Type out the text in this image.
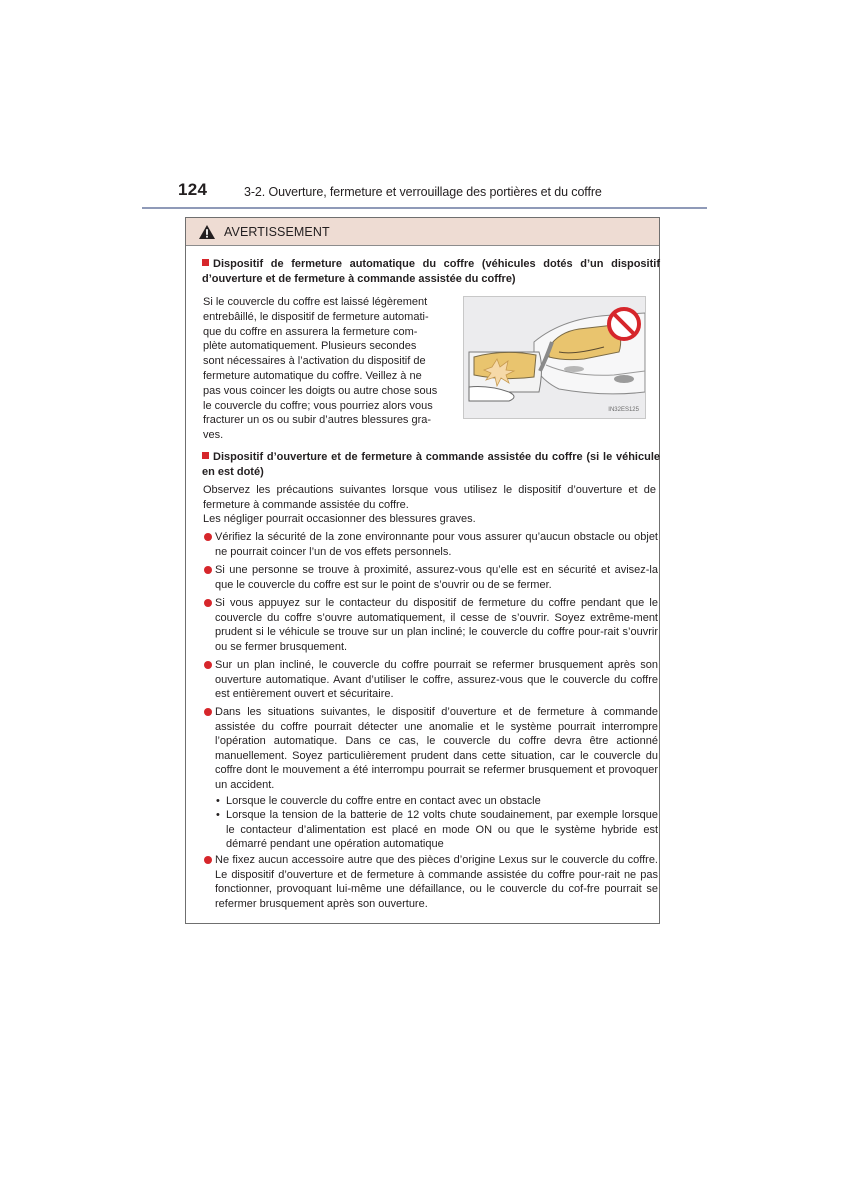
124	3-2. Ouverture, fermeture et verrouillage des portières et du coffre
AVERTISSEMENT
Dispositif de fermeture automatique du coffre (véhicules dotés d’un dispositif d’ouverture et de fermeture à commande assistée du coffre)
Si le couvercle du coffre est laissé légèrement
entrebâillé, le dispositif de fermeture automati-
que du coffre en assurera la fermeture com-
plète automatiquement. Plusieurs secondes
sont nécessaires à l’activation du dispositif de
fermeture automatique du coffre. Veillez à ne
pas vous coincer les doigts ou autre chose sous
le couvercle du coffre; vous pourriez alors vous
fracturer un os ou subir d’autres blessures gra-
ves.
Dispositif d’ouverture et de fermeture à commande assistée du coffre (si le véhicule en est doté)
Observez les précautions suivantes lorsque vous utilisez le dispositif d’ouverture et de fermeture à commande assistée du coffre.
Les négliger pourrait occasionner des blessures graves.
Vérifiez la sécurité de la zone environnante pour vous assurer qu’aucun obstacle ou objet ne pourrait coincer l’un de vos effets personnels.
Si une personne se trouve à proximité, assurez-vous qu’elle est en sécurité et avisez-la que le couvercle du coffre est sur le point de s’ouvrir ou de se fermer.
Si vous appuyez sur le contacteur du dispositif de fermeture du coffre pendant que le couvercle du coffre s’ouvre automatiquement, il cesse de s’ouvrir. Soyez extrême-ment prudent si le véhicule se trouve sur un plan incliné; le couvercle du coffre pour-rait s’ouvrir ou se fermer brusquement.
Sur un plan incliné, le couvercle du coffre pourrait se refermer brusquement après son ouverture automatique. Avant d’utiliser le coffre, assurez-vous que le couvercle du coffre est entièrement ouvert et sécuritaire.
Dans les situations suivantes, le dispositif d’ouverture et de fermeture à commande assistée du coffre pourrait détecter une anomalie et le système pourrait interrompre l’opération automatique. Dans ce cas, le couvercle du coffre devra être actionné manuellement. Soyez particulièrement prudent dans cette situation, car le couvercle du coffre dont le mouvement a été interrompu pourrait se refermer brusquement et provoquer un accident.
• Lorsque le couvercle du coffre entre en contact avec un obstacle
• Lorsque la tension de la batterie de 12 volts chute soudainement, par exemple lorsque le contacteur d’alimentation est placé en mode ON ou que le système hybride est démarré pendant une opération automatique
Ne fixez aucun accessoire autre que des pièces d’origine Lexus sur le couvercle du coffre. Le dispositif d’ouverture et de fermeture à commande assistée du coffre pour-rait ne pas fonctionner, provoquant lui-même une défaillance, ou le couvercle du cof-fre pourrait se refermer brusquement après son ouverture.
IN32ES125
